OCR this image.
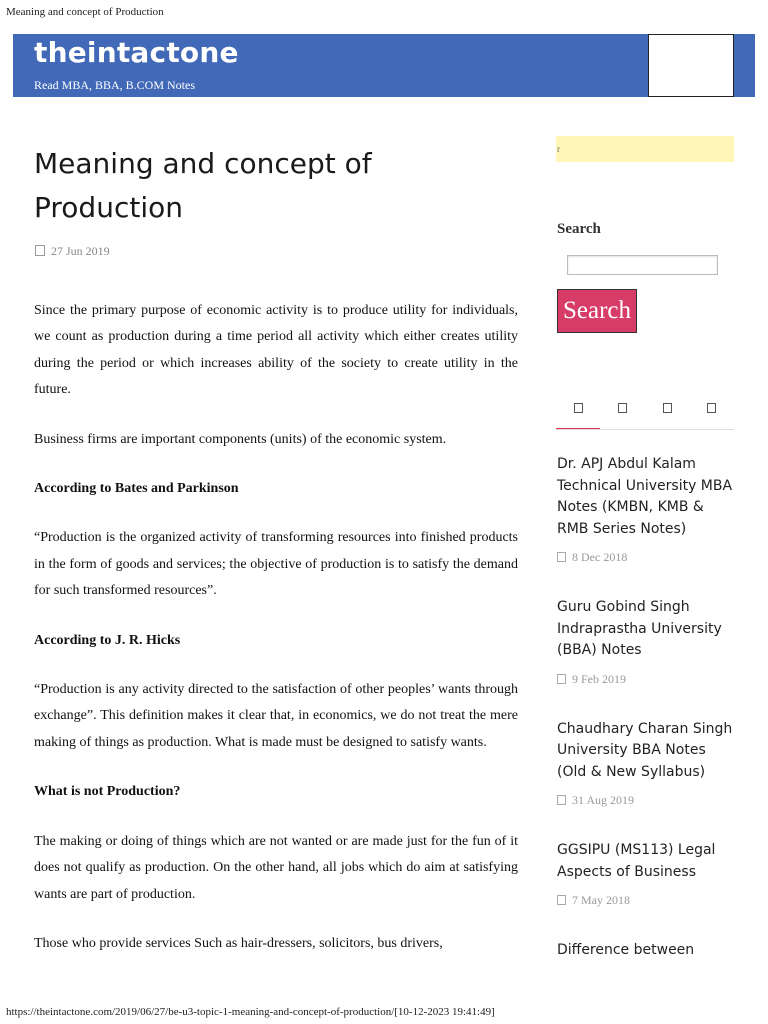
Meaning and concept of Production
theintactone
Read MBA, BBA, B.COM Notes
Meaning and concept of Production
27 Jun 2019

Since the primary purpose of economic activity is to produce utility for individuals, we count as production during a time period all activity which either creates utility during the period or which increases ability of the society to create utility in the future.

Business firms are important components (units) of the economic system.

According to Bates and Parkinson

“Production is the organized activity of transforming resources into finished products in the form of goods and services; the objective of production is to satisfy the demand for such transformed resources”.

According to J. R. Hicks

“Production is any activity directed to the satisfaction of other peoples’ wants through exchange”. This definition makes it clear that, in economics, we do not treat the mere making of things as production. What is made must be designed to satisfy wants.

What is not Production?

The making or doing of things which are not wanted or are made just for the fun of it does not qualify as production. On the other hand, all jobs which do aim at satisfying wants are part of production.

Those who provide services Such as hair-dressers, solicitors, bus drivers,

r
Search
Search
Dr. APJ Abdul Kalam Technical University MBA Notes (KMBN, KMB & RMB Series Notes)
8 Dec 2018
Guru Gobind Singh Indraprastha University (BBA) Notes
9 Feb 2019
Chaudhary Charan Singh University BBA Notes (Old & New Syllabus)
31 Aug 2019
GGSIPU (MS113) Legal Aspects of Business
7 May 2018
Difference between
https://theintactone.com/2019/06/27/be-u3-topic-1-meaning-and-concept-of-production/[10-12-2023 19:41:49]
